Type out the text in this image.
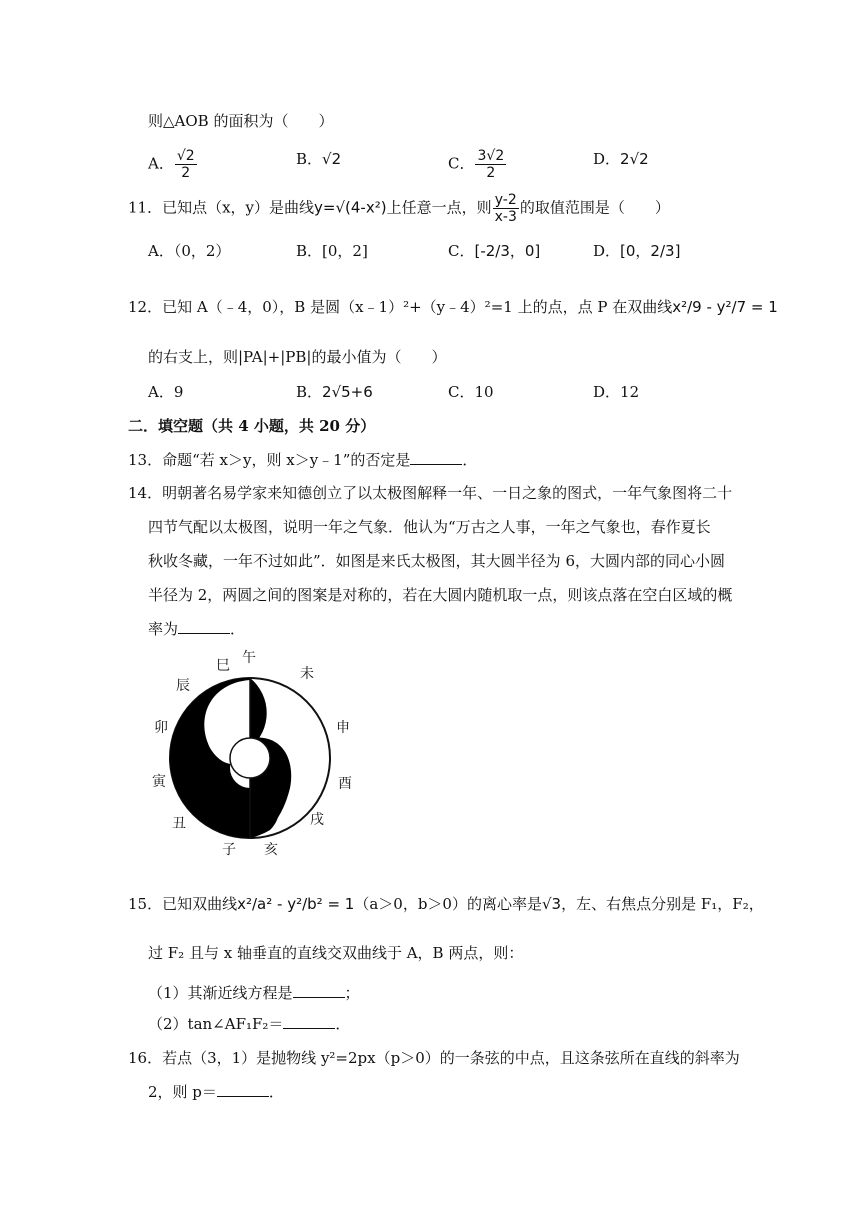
则△AOB 的面积为（　　）
A． $\frac{√2}{2}$	B．√2	C． $\frac{3√2}{2}$	D．2√2
11．已知点（x，y）是曲线y=√(4-x²)上任意一点，则 $\frac{y-2}{x-3}$ 的取值范围是（　　）
A．（0，2）	B．[0，2]	C．[-2/3，0]	D．[0，2/3]
12．已知 A（﹣4，0），B 是圆（x﹣1）²+（y﹣4）²=1 上的点，点 P 在双曲线x²/9 - y²/7 = 1
的右支上，则|PA|+|PB|的最小值为（　　）
A．9	B．2√5+6	C．10	D．12
二．填空题（共 4 小题，共 20 分）
13．命题“若 x＞y，则 x＞y﹣1”的否定是	．
14．明朝著名易学家来知德创立了以太极图解释一年、一日之象的图式，一年气象图将二十
四节气配以太极图，说明一年之气象．他认为“万古之人事，一年之气象也，春作夏长
秋收冬藏，一年不过如此”．如图是来氏太极图，其大圆半径为 6，大圆内部的同心小圆
半径为 2，两圆之间的图案是对称的，若在大圆内随机取一点，则该点落在空白区域的概
率为	．
巳
午
未
申
酉
戌
亥
子
丑
寅
卯
辰
15．已知双曲线x²/a² - y²/b² = 1（a＞0，b＞0）的离心率是√3，左、右焦点分别是 F₁，F₂，
过 F₂ 且与 x 轴垂直的直线交双曲线于 A，B 两点，则：
（1）其渐近线方程是	；
（2）tan∠AF₁F₂＝	．
16．若点（3，1）是抛物线 y²=2px（p＞0）的一条弦的中点，且这条弦所在直线的斜率为
2，则 p＝	．
